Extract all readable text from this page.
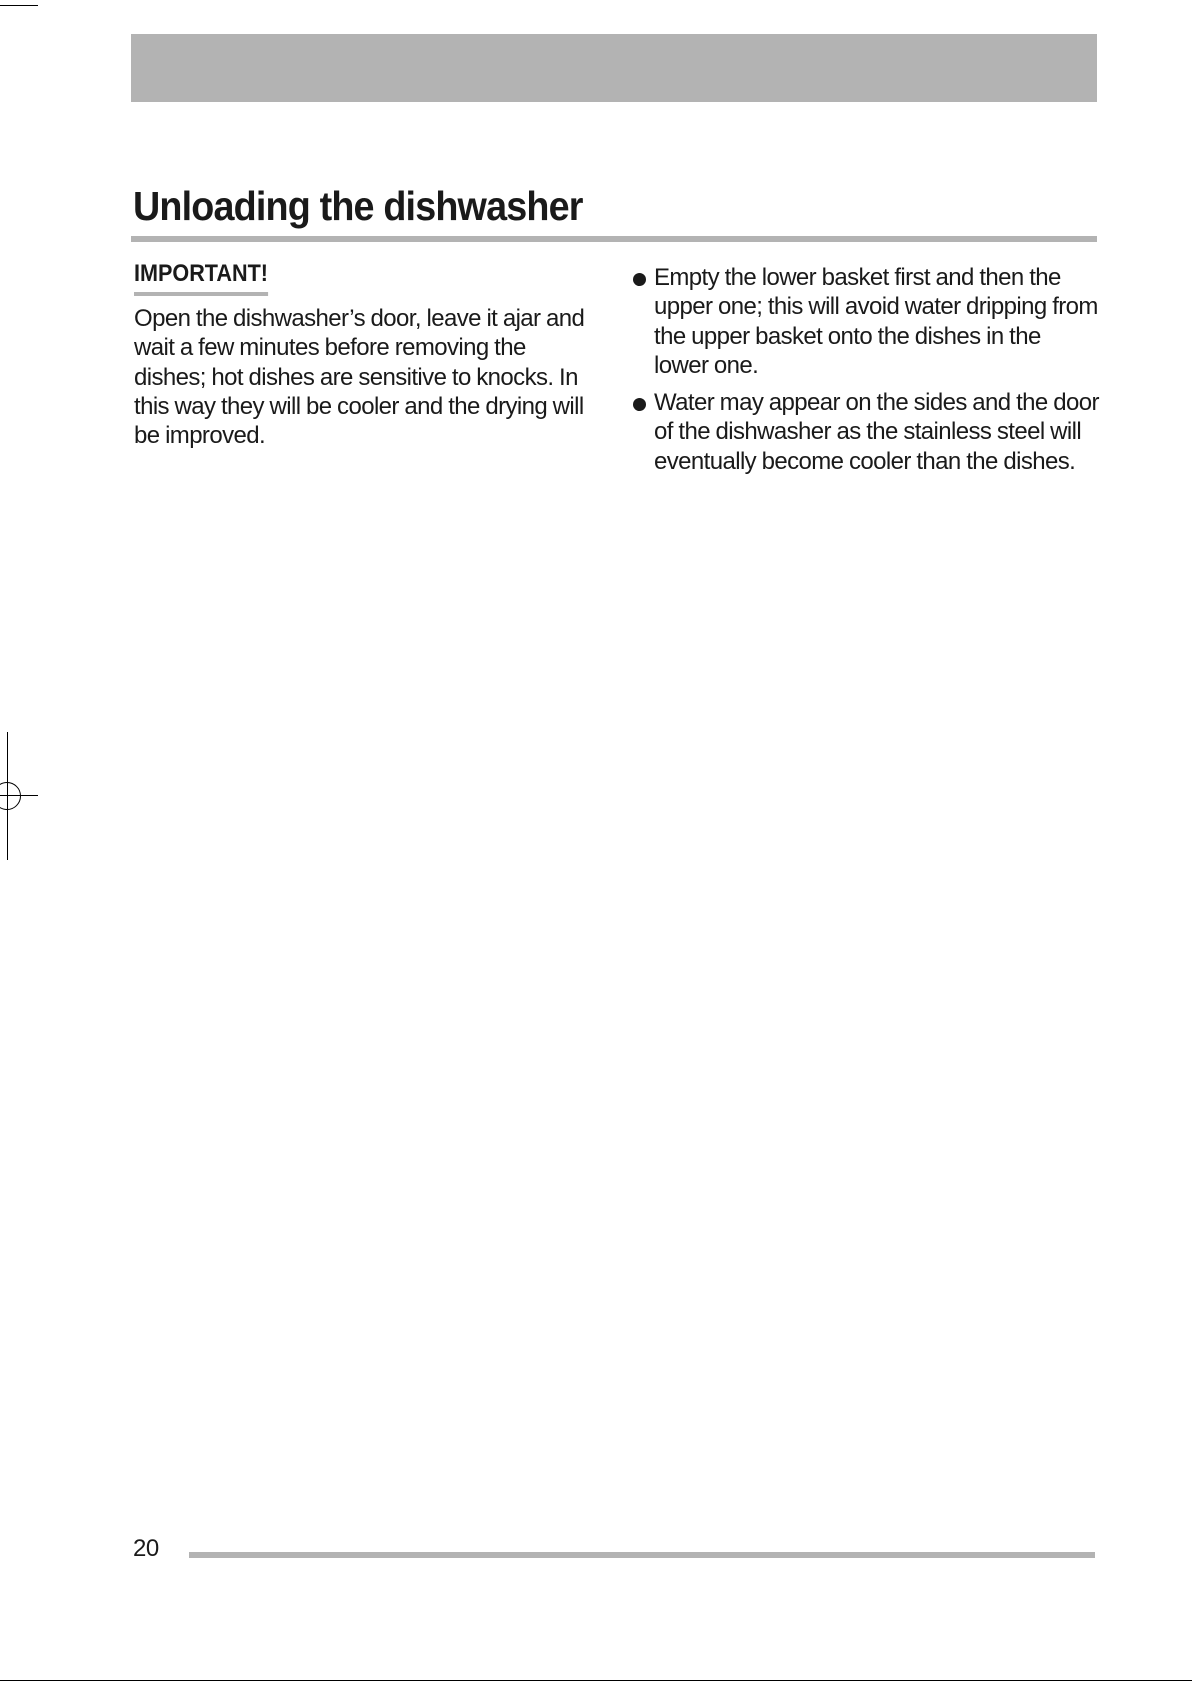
Unloading the dishwasher
IMPORTANT!

Open the dishwasher’s door, leave it ajar and wait a few minutes before removing the dishes; hot dishes are sensitive to knocks. In this way they will be cooler and the drying will be improved.

Empty the lower basket first and then the upper one; this will avoid water dripping from the upper basket onto the dishes in the lower one.
Water may appear on the sides and the door of the dishwasher as the stainless steel will eventually become cooler than the dishes.
20
